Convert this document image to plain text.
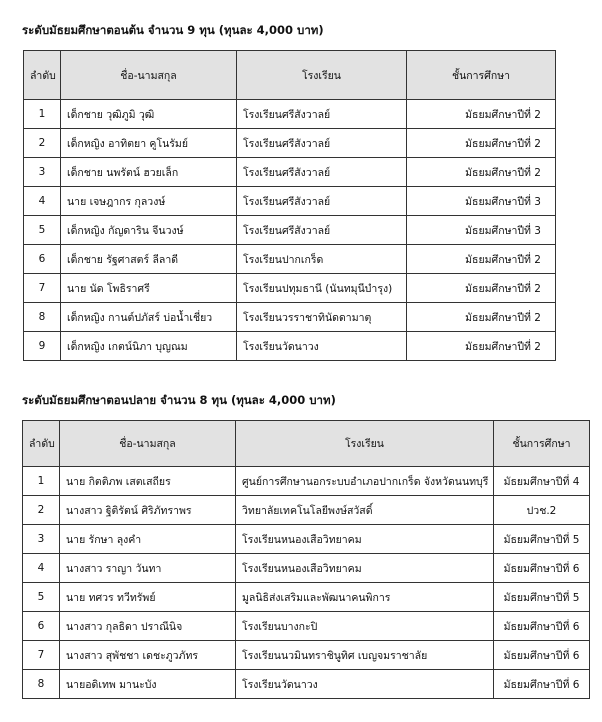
ระดับมัธยมศึกษาตอนต้น จำนวน 9 ทุน (ทุนละ 4,000 บาท)
ลำดับ	ชื่อ-นามสกุล	โรงเรียน	ชั้นการศึกษา
1	เด็กชาย วุฒิภูมิ วุฒิ	โรงเรียนศรีสังวาลย์	มัธยมศึกษาปีที่ 2
2	เด็กหญิง อาทิตยา คูโนรัมย์	โรงเรียนศรีสังวาลย์	มัธยมศึกษาปีที่ 2
3	เด็กชาย นพรัตน์ ฮวยเล็ก	โรงเรียนศรีสังวาลย์	มัธยมศึกษาปีที่ 2
4	นาย เจษฎากร กุลวงษ์	โรงเรียนศรีสังวาลย์	มัธยมศึกษาปีที่ 3
5	เด็กหญิง กัญดาริน จีนวงษ์	โรงเรียนศรีสังวาลย์	มัธยมศึกษาปีที่ 3
6	เด็กชาย รัฐศาสตร์ ลีลาดี	โรงเรียนปากเกร็ด	มัธยมศึกษาปีที่ 2
7	นาย นัด โพธิราศรี	โรงเรียนปทุมธานี (นันทมุนีบำรุง)	มัธยมศึกษาปีที่ 2
8	เด็กหญิง กานต์ปภัสร์ บ่อน้ำเชี่ยว	โรงเรียนวรราชาทินัดดามาตุ	มัธยมศึกษาปีที่ 2
9	เด็กหญิง เกตน์นิภา บุญณม	โรงเรียนวัดนาวง	มัธยมศึกษาปีที่ 2
ระดับมัธยมศึกษาตอนปลาย จำนวน 8 ทุน (ทุนละ 4,000 บาท)
ลำดับ	ชื่อ-นามสกุล	โรงเรียน	ชั้นการศึกษา
1	นาย กิตติภพ เสตเสถียร	ศูนย์การศึกษานอกระบบอำเภอปากเกร็ด จังหวัดนนทบุรี	มัธยมศึกษาปีที่ 4
2	นางสาว ฐิติรัตน์ ศิริภัทราพร	วิทยาลัยเทคโนโลยีพงษ์สวัสดิ์	ปวช.2
3	นาย รักษา ลุงคำ	โรงเรียนหนองเสือวิทยาคม	มัธยมศึกษาปีที่ 5
4	นางสาว ราญา วันทา	โรงเรียนหนองเสือวิทยาคม	มัธยมศึกษาปีที่ 6
5	นาย ทศวร ทวีทรัพย์	มูลนิธิส่งเสริมและพัฒนาคนพิการ	มัธยมศึกษาปีที่ 5
6	นางสาว กุลธิดา ปราณีนิจ	โรงเรียนบางกะปิ	มัธยมศึกษาปีที่ 6
7	นางสาว สุพัชชา เดชะภูวภัทร	โรงเรียนนวมินทราชินูทิศ เบญจมราชาลัย	มัธยมศึกษาปีที่ 6
8	นายอดิเทพ มานะบัง	โรงเรียนวัดนาวง	มัธยมศึกษาปีที่ 6
